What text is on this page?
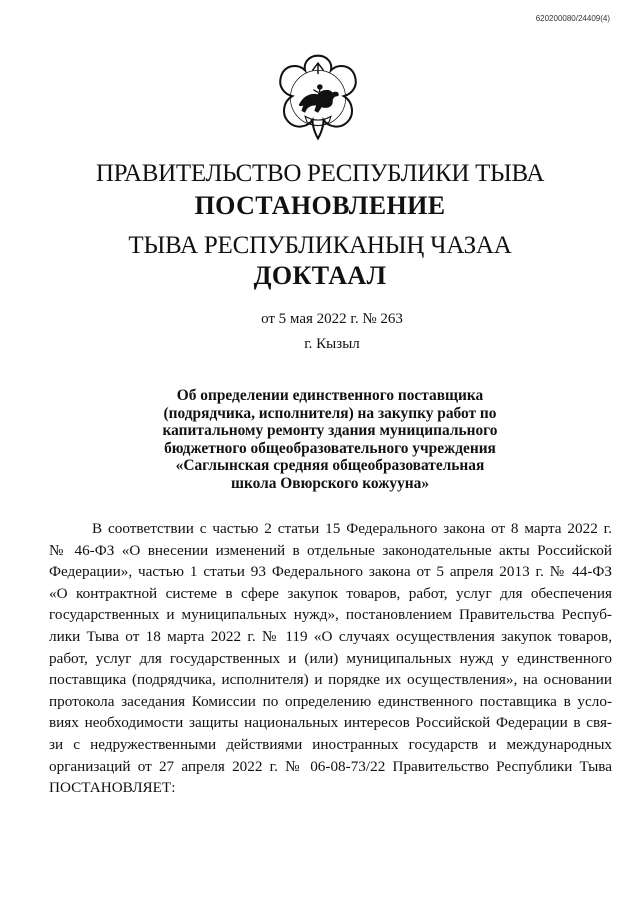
620200080/24409(4)
ПРАВИТЕЛЬСТВО РЕСПУБЛИКИ ТЫВА
ПОСТАНОВЛЕНИЕ
ТЫВА РЕСПУБЛИКАНЫҢ ЧАЗАА
ДОКТААЛ
от 5 мая 2022 г. № 263
г. Кызыл
Об определении единственного поставщика
(подрядчика, исполнителя) на закупку работ по
капитальному ремонту здания муниципального
бюджетного общеобразовательного учреждения
«Саглынская средняя общеобразовательная
школа Овюрского кожууна»
В соответствии с частью 2 статьи 15 Федерального закона от 8 марта 2022 г.
№ 46-ФЗ «О внесении изменений в отдельные законодательные акты Российской
Федерации», частью 1 статьи 93 Федерального закона от 5 апреля 2013 г. № 44-ФЗ
«О контрактной системе в сфере закупок товаров, работ, услуг для обеспечения
государственных и муниципальных нужд», постановлением Правительства Респуб-
лики Тыва от 18 марта 2022 г. № 119 «О случаях осуществления закупок товаров,
работ, услуг для государственных и (или) муниципальных нужд у единственного
поставщика (подрядчика, исполнителя) и порядке их осуществления», на основании
протокола заседания Комиссии по определению единственного поставщика в усло-
виях необходимости защиты национальных интересов Российской Федерации в свя-
зи с недружественными действиями иностранных государств и международных
организаций от 27 апреля 2022 г. № 06-08-73/22 Правительство Республики Тыва
ПОСТАНОВЛЯЕТ:
